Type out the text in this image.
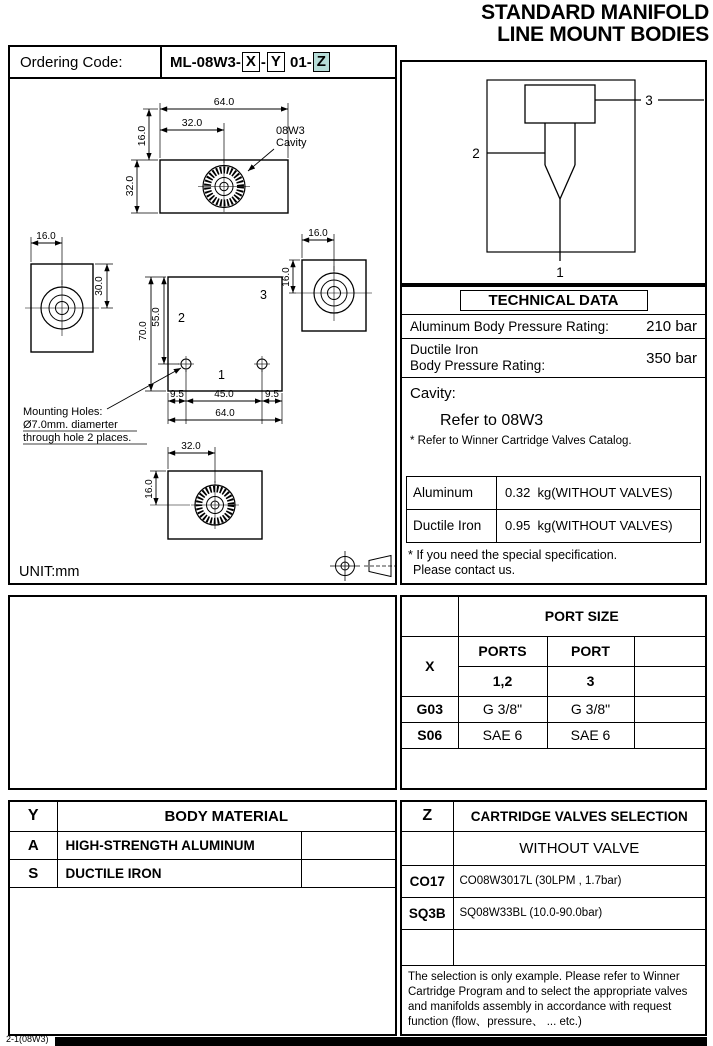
STANDARD MANIFOLD
LINE MOUNT BODIES
Ordering Code:	ML-08W3- X - Y 01- Z
64.0
32.0
16.0
32.0
08W3
Cavity
16.0
30.0
2
3
1
70.0
55.0
9.5	45.0	9.5
64.0
16.0
16.0
32.0
16.0
Mounting Holes:
Ø7.0mm. diamerter
through hole 2 places.
UNIT:mm
2
3
1
TECHNICAL DATA
Aluminum Body Pressure Rating: 210 bar
Ductile Iron
Body Pressure Rating:	350 bar
Cavity:
Refer to 08W3
* Refer to Winner Cartridge Valves Catalog.
Aluminum	0.32  kg(WITHOUT VALVES)
Ductile Iron	0.95  kg(WITHOUT VALVES)
* If you need the special specification.
Please contact us.
	PORT SIZE		
X	PORTS	PORT	
	1,2	3	
G03	G 3/8"	G 3/8"	
S06	SAE 6	SAE 6	

Y	BODY MATERIAL	
A	HIGH-STRENGTH ALUMINUM	
S	DUCTILE IRON	

Z	CARTRIDGE VALVES SELECTION
	WITHOUT VALVE
CO17	CO08W3017L (30LPM , 1.7bar)
SQ3B	SQ08W33BL (10.0-90.0bar)

The selection is only example. Please refer to Winner Cartridge Program and to select the appropriate valves and manifolds assembly in accordance with request function (flow、pressure、 ... etc.)	
2-1(08W3)
